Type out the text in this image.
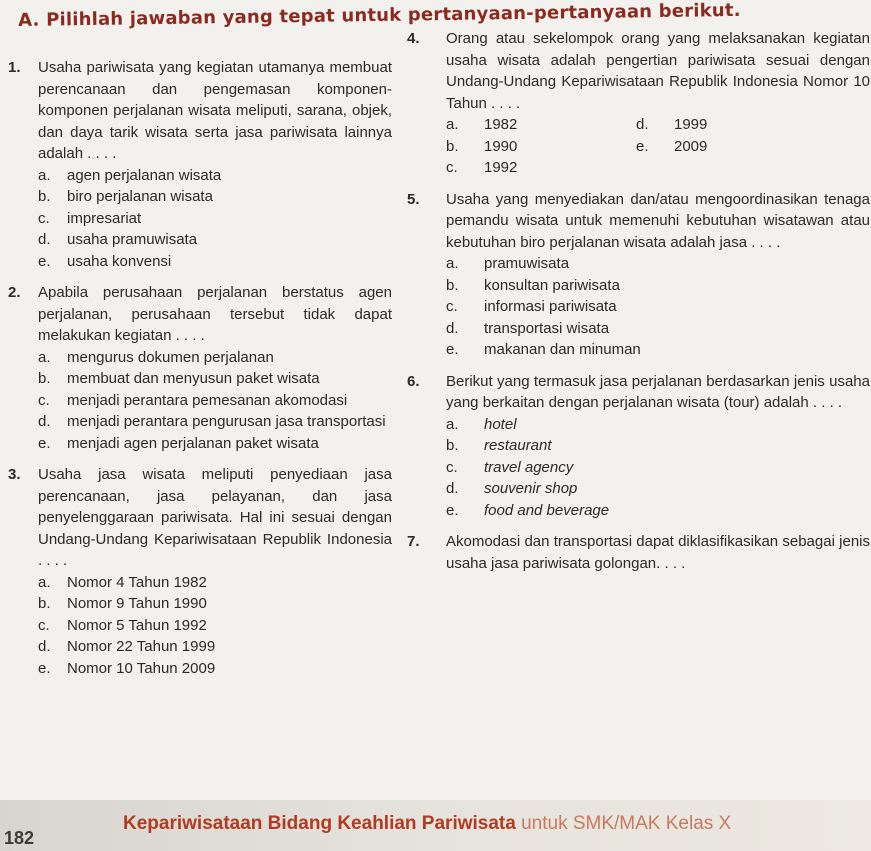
A. Pilihlah jawaban yang tepat untuk pertanyaan-pertanyaan berikut.
1. Usaha pariwisata yang kegiatan utamanya membuat perencanaan dan pengemasan komponen-komponen perjalanan wisata meliputi, sarana, objek, dan daya tarik wisata serta jasa pariwisata lainnya adalah . . . .
a. agen perjalanan wisata
b. biro perjalanan wisata
c. impresariat
d. usaha pramuwisata
e. usaha konvensi
2. Apabila perusahaan perjalanan berstatus agen perjalanan, perusahaan tersebut tidak dapat melakukan kegiatan . . . .
a. mengurus dokumen perjalanan
b. membuat dan menyusun paket wisata
c. menjadi perantara pemesanan akomodasi
d. menjadi perantara pengurusan jasa transportasi
e. menjadi agen perjalanan paket wisata
3. Usaha jasa wisata meliputi penyediaan jasa perencanaan, jasa pelayanan, dan jasa penyelenggaraan pariwisata. Hal ini sesuai dengan Undang-Undang Kepariwisataan Republik Indonesia . . . .
a. Nomor 4 Tahun 1982
b. Nomor 9 Tahun 1990
c. Nomor 5 Tahun 1992
d. Nomor 22 Tahun 1999
e. Nomor 10 Tahun 2009
4. Orang atau sekelompok orang yang melaksanakan kegiatan usaha wisata adalah pengertian pariwisata sesuai dengan Undang-Undang Kepariwisataan Republik Indonesia Nomor 10 Tahun . . . .
a. 1982
b. 1990
c. 1992
d. 1999
e. 2009
5. Usaha yang menyediakan dan/atau mengoordinasikan tenaga pemandu wisata untuk memenuhi kebutuhan wisatawan atau kebutuhan biro perjalanan wisata adalah jasa . . . .
a. pramuwisata
b. konsultan pariwisata
c. informasi pariwisata
d. transportasi wisata
e. makanan dan minuman
6. Berikut yang termasuk jasa perjalanan berdasarkan jenis usaha yang berkaitan dengan perjalanan wisata (tour) adalah . . . .
a. hotel
b. restaurant
c. travel agency
d. souvenir shop
e. food and beverage
7. Akomodasi dan transportasi dapat diklasifikasikan sebagai jenis usaha jasa pariwisata golongan. . . .
182
Kepariwisataan Bidang Keahlian Pariwisata untuk SMK/MAK Kelas X
